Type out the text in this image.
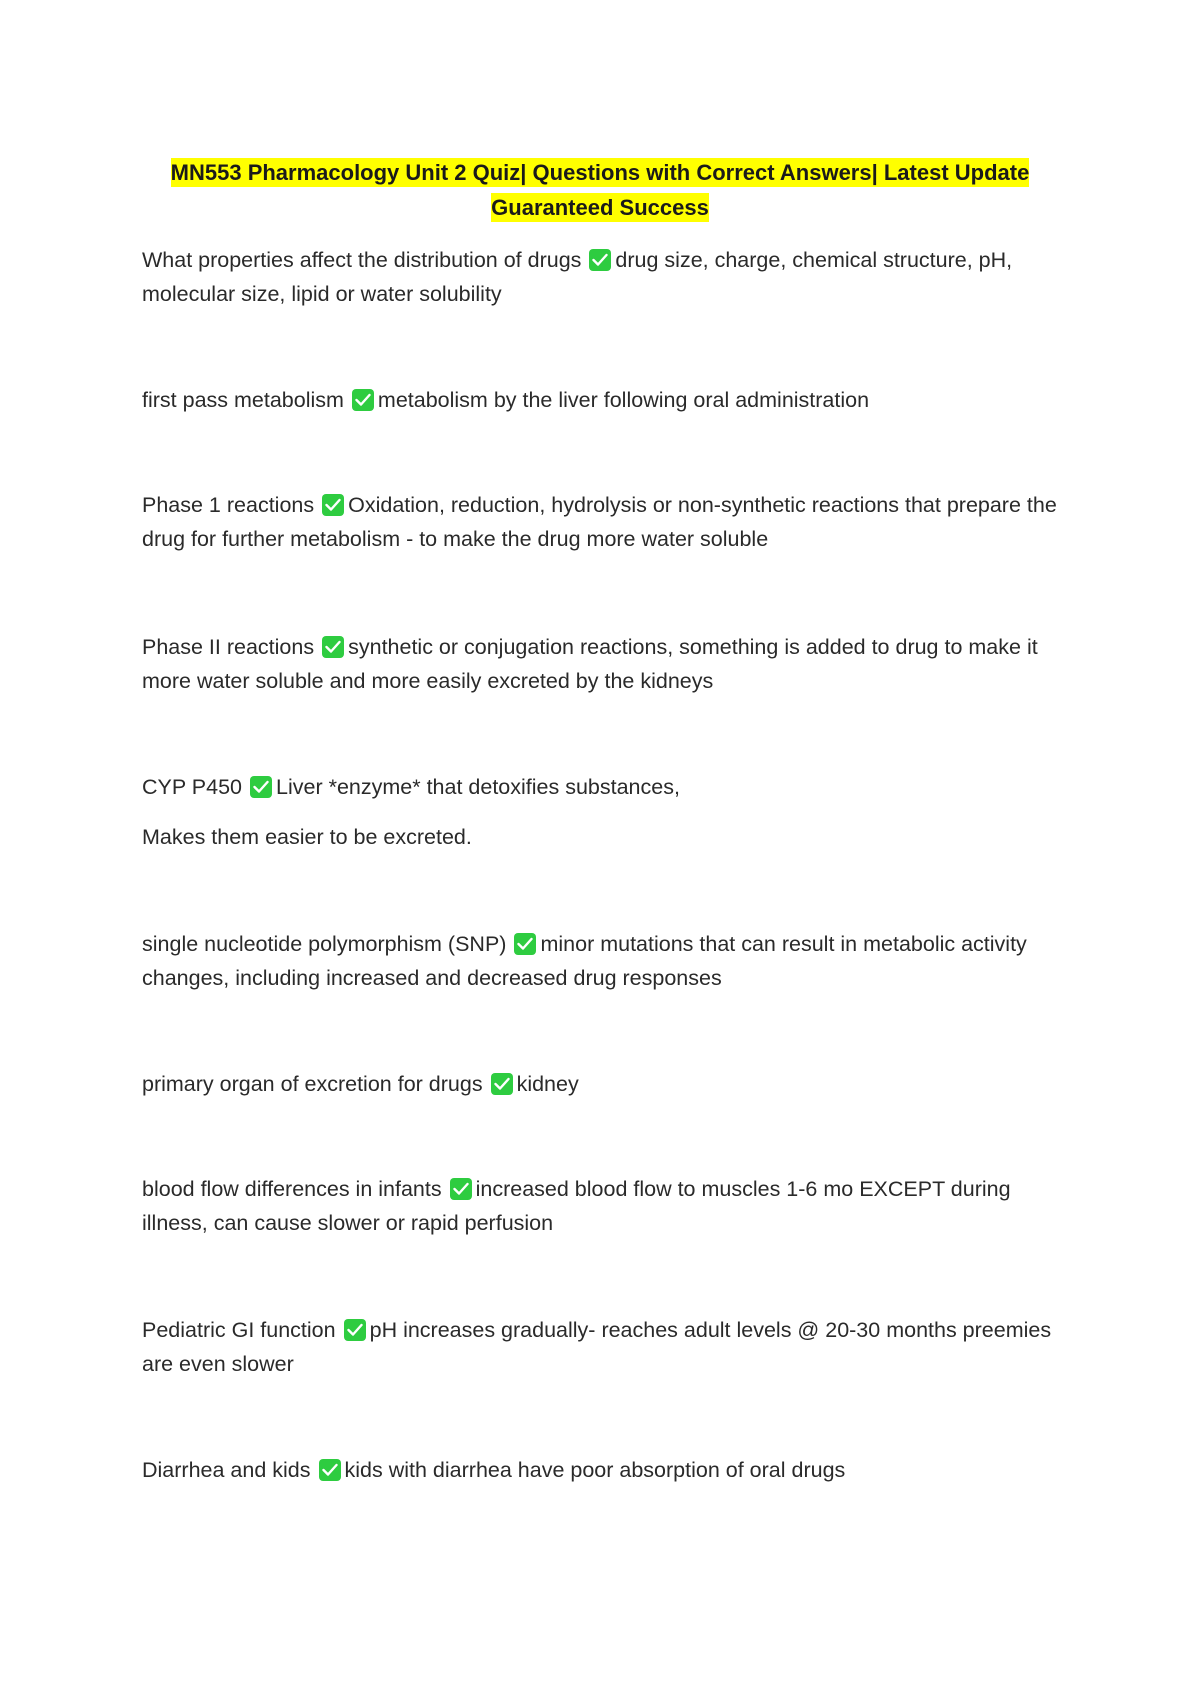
MN553 Pharmacology Unit 2 Quiz| Questions with Correct Answers| Latest Update
Guaranteed Success

What properties affect the distribution of drugs drug size, charge, chemical structure, pH, molecular size, lipid or water solubility

first pass metabolism metabolism by the liver following oral administration

Phase 1 reactions Oxidation, reduction, hydrolysis or non-synthetic reactions that prepare the drug for further metabolism - to make the drug more water soluble

Phase II reactions synthetic or conjugation reactions, something is added to drug to make it more water soluble and more easily excreted by the kidneys

CYP P450 Liver *enzyme* that detoxifies substances,

Makes them easier to be excreted.

single nucleotide polymorphism (SNP) minor mutations that can result in metabolic activity changes, including increased and decreased drug responses

primary organ of excretion for drugs kidney

blood flow differences in infants increased blood flow to muscles 1-6 mo EXCEPT during illness, can cause slower or rapid perfusion

Pediatric GI function pH increases gradually- reaches adult levels @ 20-30 months preemies are even slower

Diarrhea and kids kids with diarrhea have poor absorption of oral drugs
